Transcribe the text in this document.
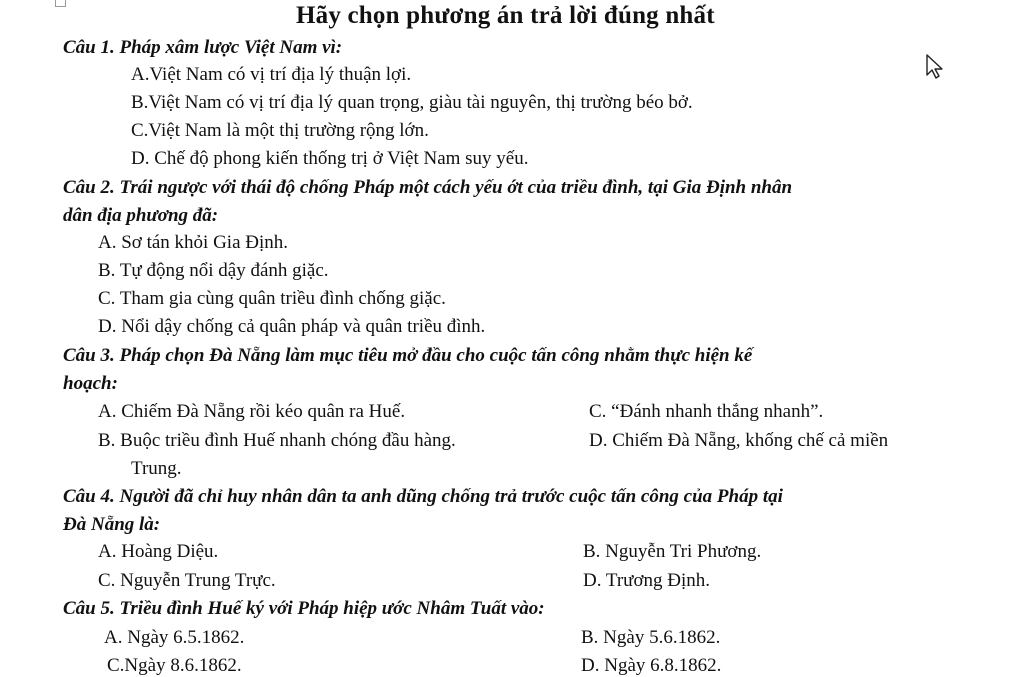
Hãy chọn phương án trả lời đúng nhất
Câu 1. Pháp xâm lược Việt Nam vì:
A.Việt Nam có vị trí địa lý thuận lợi.
B.Việt Nam có vị trí địa lý quan trọng, giàu tài nguyên, thị trường béo bở.
C.Việt Nam là một thị trường rộng lớn.
D. Chế độ phong kiến thống trị ở Việt Nam suy yếu.
Câu 2. Trái ngược với thái độ chống Pháp một cách yếu ớt của triều đình, tại Gia Định nhân
dân địa phương đã:
A. Sơ tán khỏi Gia Định.
B. Tự động nổi dậy đánh giặc.
C. Tham gia cùng quân triều đình chống giặc.
D. Nổi dậy chống cả quân pháp và quân triều đình.
Câu 3. Pháp chọn Đà Nẵng làm mục tiêu mở đầu cho cuộc tấn công nhằm thực hiện kế
hoạch:
A. Chiếm Đà Nẵng rồi kéo quân ra Huế.	C. “Đánh nhanh thắng nhanh”.
B. Buộc triều đình Huế nhanh chóng đầu hàng.	D. Chiếm Đà Nẵng, khống chế cả miền
Trung.
Câu 4. Người đã chỉ huy nhân dân ta anh dũng chống trả trước cuộc tấn công của Pháp tại
Đà Nẵng là:
A. Hoàng Diệu.	B. Nguyễn Tri Phương.
C. Nguyễn Trung Trực.	D. Trương Định.
Câu 5. Triều đình Huế ký với Pháp hiệp ước Nhâm Tuất vào:
A. Ngày 6.5.1862.	B. Ngày 5.6.1862.
C.Ngày 8.6.1862.	D. Ngày 6.8.1862.
